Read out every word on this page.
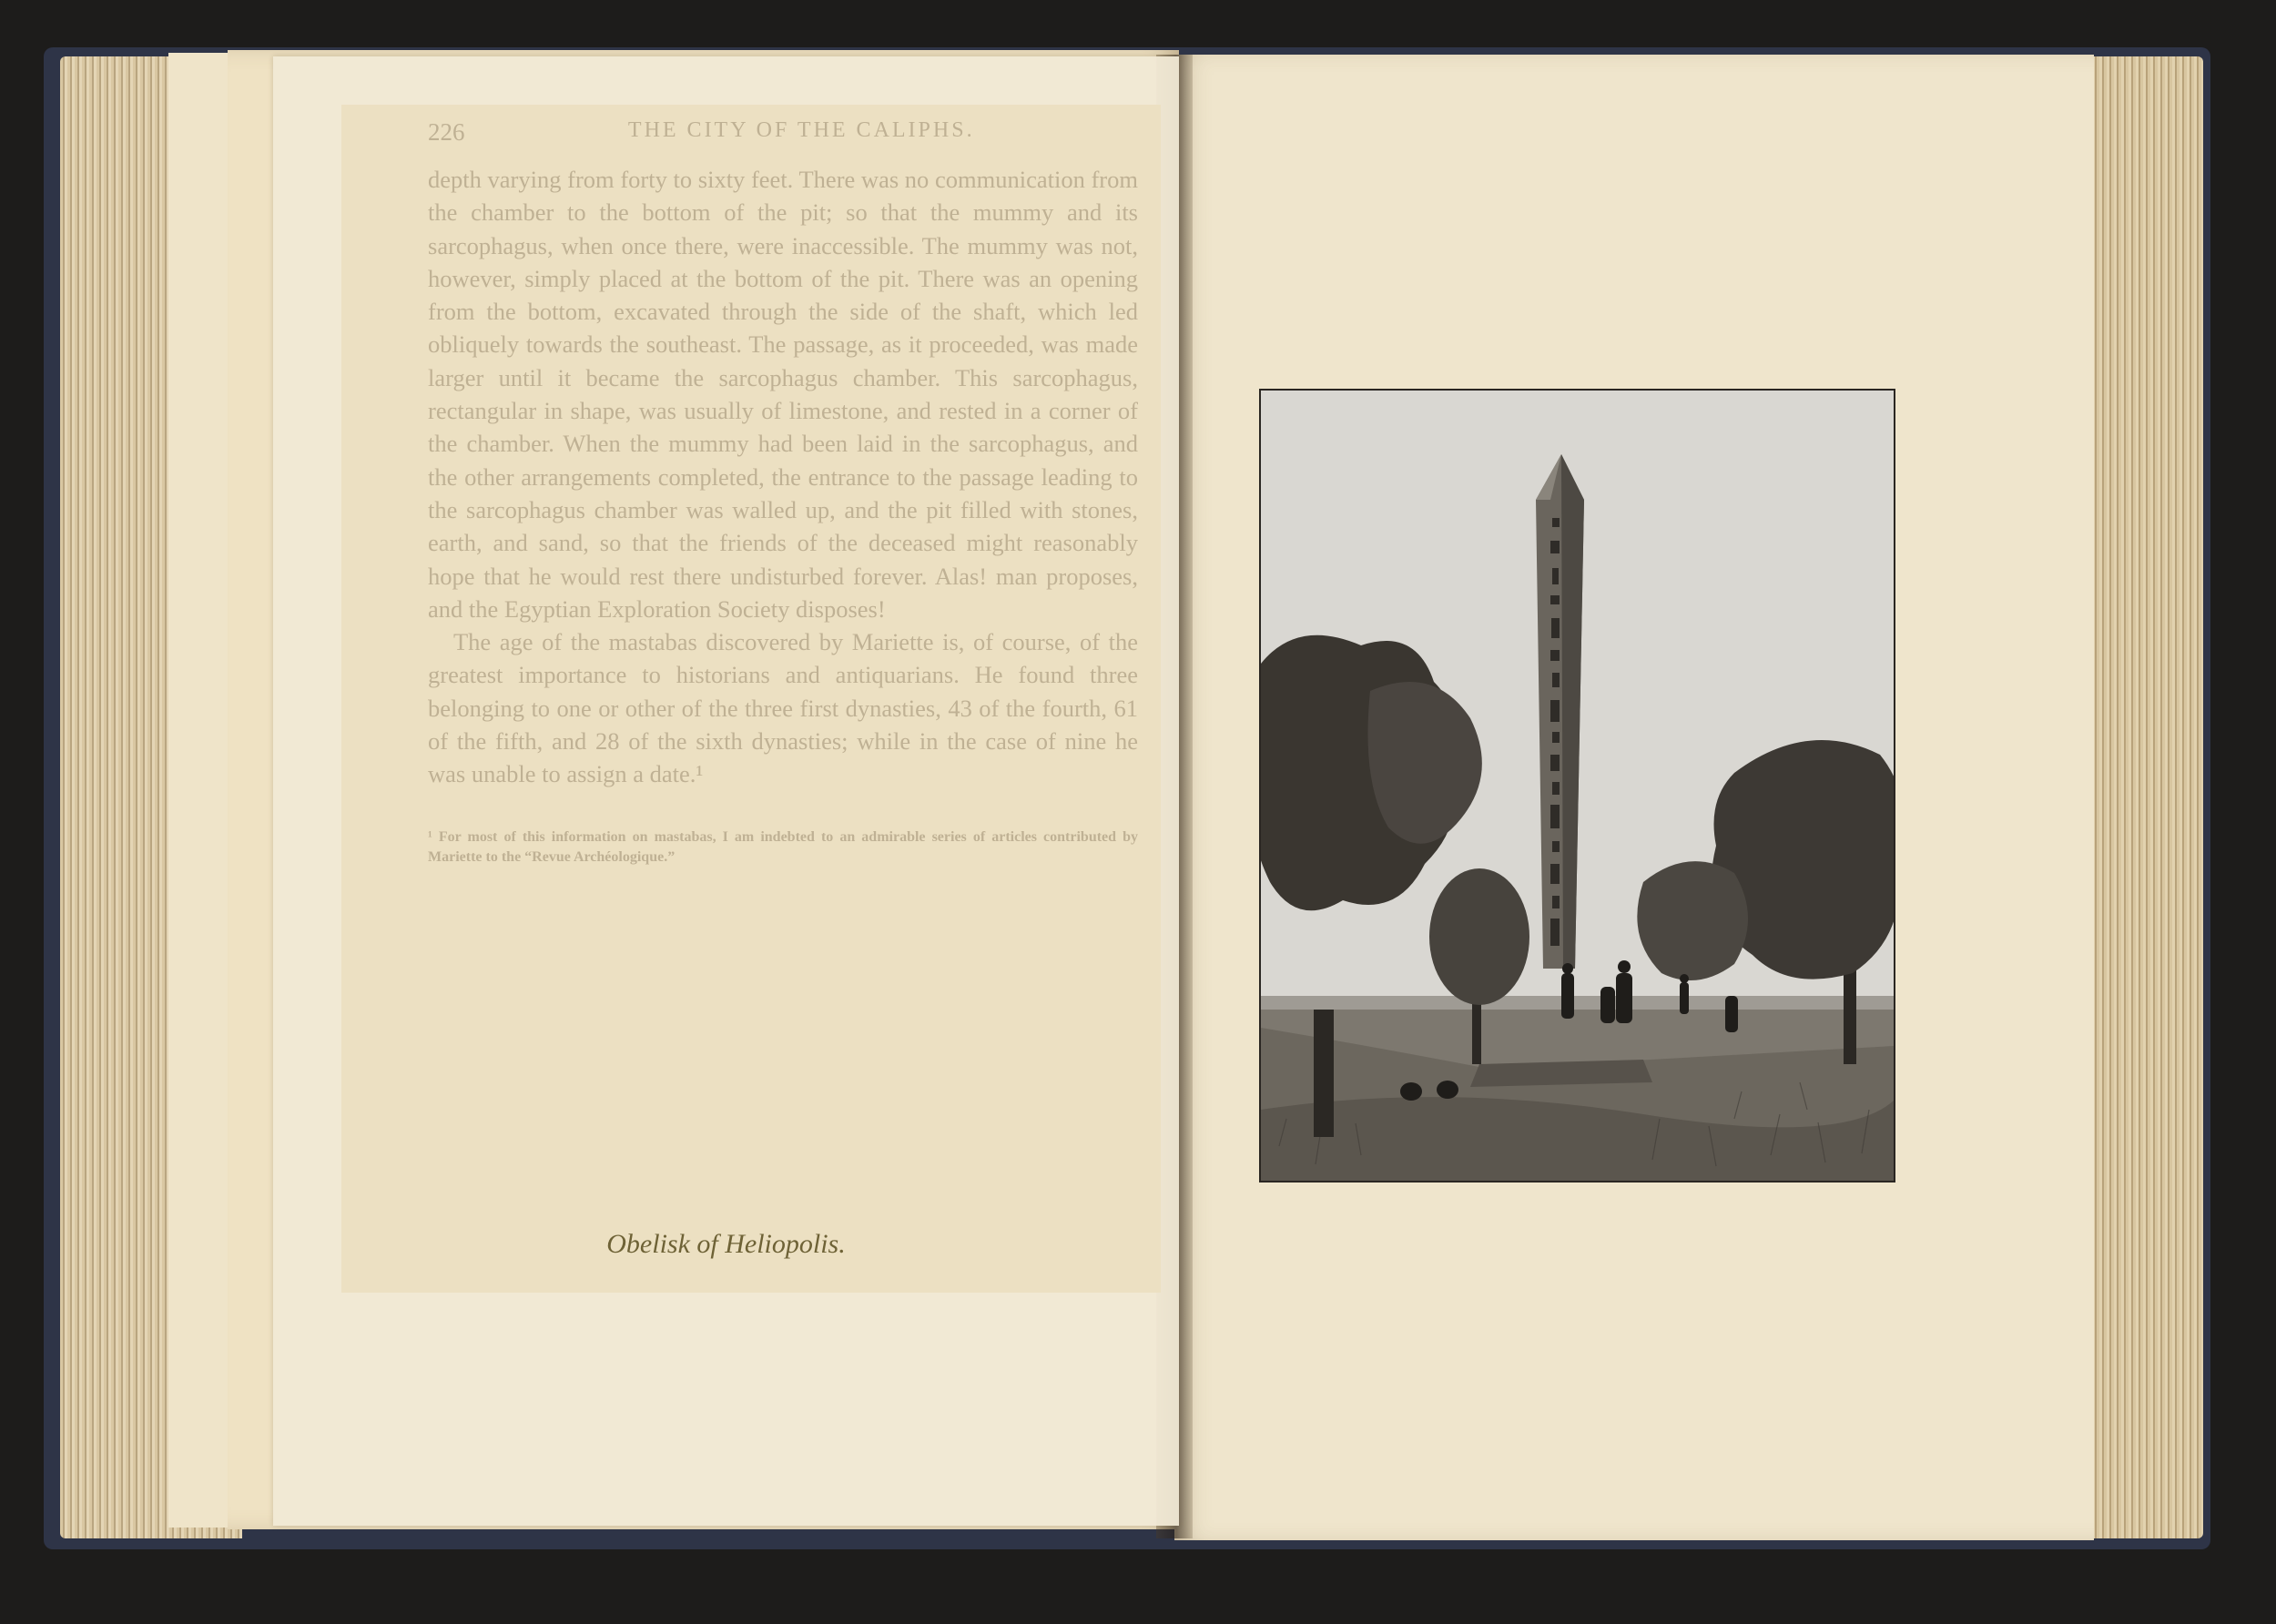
226	THE CITY OF THE CALIPHS.

depth varying from forty to sixty feet. There was no communication from the chamber to the bottom of the pit; so that the mummy and its sarcophagus, when once there, were inaccessible. The mummy was not, however, simply placed at the bottom of the pit. There was an opening from the bottom, excavated through the side of the shaft, which led obliquely towards the southeast. The passage, as it proceeded, was made larger until it became the sarcophagus chamber. This sarcophagus, rectangular in shape, was usually of limestone, and rested in a corner of the chamber. When the mummy had been laid in the sarcophagus, and the other arrangements completed, the entrance to the passage leading to the sarcophagus chamber was walled up, and the pit filled with stones, earth, and sand, so that the friends of the deceased might reasonably hope that he would rest there undisturbed forever. Alas! man proposes, and the Egyptian Exploration Society disposes!

The age of the mastabas discovered by Mariette is, of course, of the greatest importance to historians and antiquarians. He found three belonging to one or other of the three first dynasties, 43 of the fourth, 61 of the fifth, and 28 of the sixth dynasties; while in the case of nine he was unable to assign a date.¹

¹ For most of this information on mastabas, I am indebted to an admirable series of articles contributed by Mariette to the “Revue Archéologique.”
Obelisk of Heliopolis.
